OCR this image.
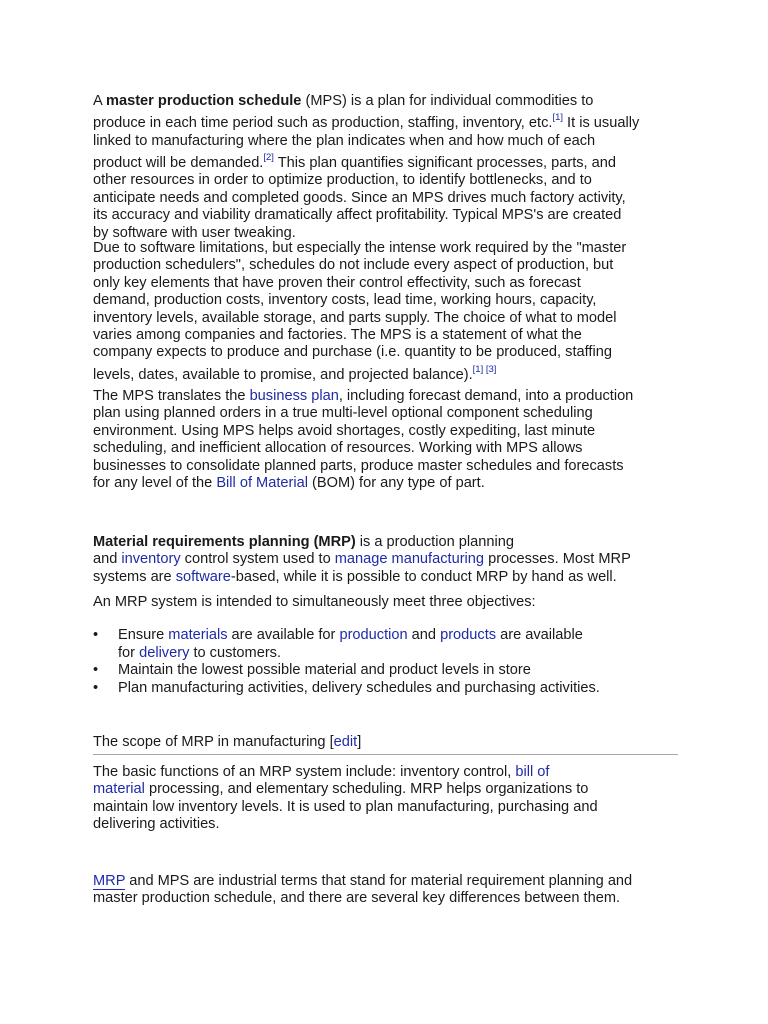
A master production schedule (MPS) is a plan for individual commodities to

produce in each time period such as production, staffing, inventory, etc.[1] It is usually

linked to manufacturing where the plan indicates when and how much of each

product will be demanded.[2] This plan quantifies significant processes, parts, and

other resources in order to optimize production, to identify bottlenecks, and to

anticipate needs and completed goods. Since an MPS drives much factory activity,

its accuracy and viability dramatically affect profitability. Typical MPS's are created

by software with user tweaking.

Due to software limitations, but especially the intense work required by the "master

production schedulers", schedules do not include every aspect of production, but

only key elements that have proven their control effectivity, such as forecast

demand, production costs, inventory costs, lead time, working hours, capacity,

inventory levels, available storage, and parts supply. The choice of what to model

varies among companies and factories. The MPS is a statement of what the

company expects to produce and purchase (i.e. quantity to be produced, staffing

levels, dates, available to promise, and projected balance).[1] [3]

The MPS translates the business plan, including forecast demand, into a production

plan using planned orders in a true multi-level optional component scheduling

environment. Using MPS helps avoid shortages, costly expediting, last minute

scheduling, and inefficient allocation of resources. Working with MPS allows

businesses to consolidate planned parts, produce master schedules and forecasts

for any level of the Bill of Material (BOM) for any type of part.

Material requirements planning (MRP) is a production planning

and inventory control system used to manage manufacturing processes. Most MRP

systems are software-based, while it is possible to conduct MRP by hand as well.

An MRP system is intended to simultaneously meet three objectives:

• Ensure materials are available for production and products are available
for delivery to customers.
• Maintain the lowest possible material and product levels in store
• Plan manufacturing activities, delivery schedules and purchasing activities.

The scope of MRP in manufacturing [edit]

The basic functions of an MRP system include: inventory control, bill of

material processing, and elementary scheduling. MRP helps organizations to

maintain low inventory levels. It is used to plan manufacturing, purchasing and

delivering activities.

MRP and MPS are industrial terms that stand for material requirement planning and

master production schedule, and there are several key differences between them.
